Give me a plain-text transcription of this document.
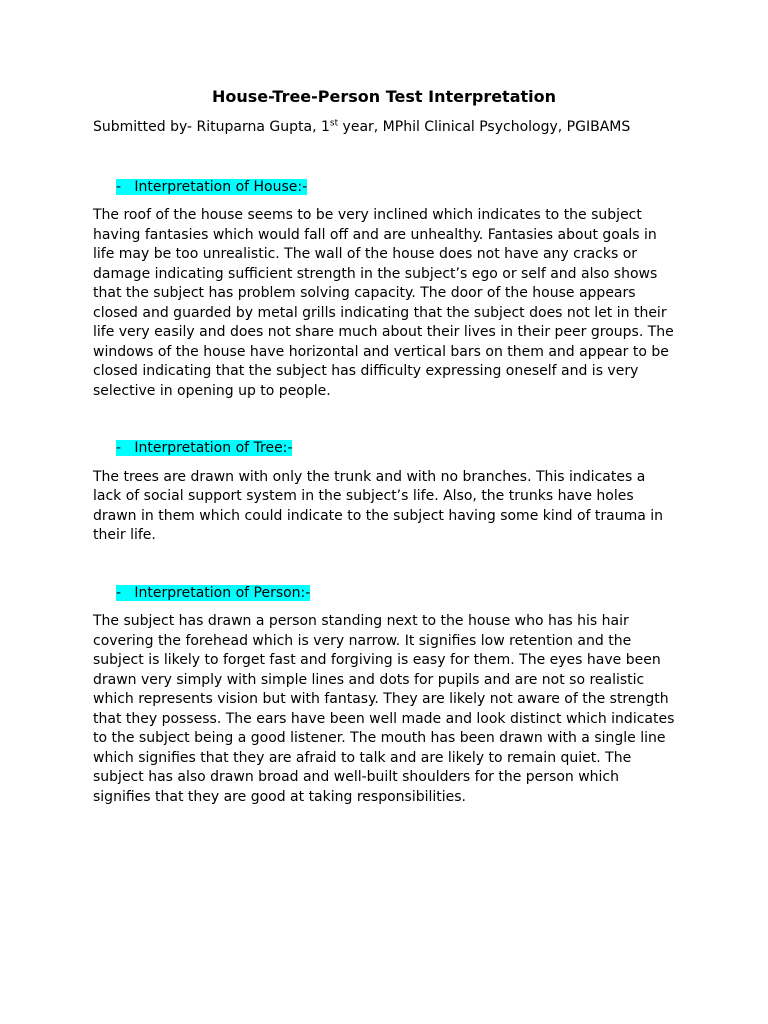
House-Tree-Person Test Interpretation

Submitted by- Rituparna Gupta, 1st year, MPhil Clinical Psychology, PGIBAMS

- Interpretation of House:-

The roof of the house seems to be very inclined which indicates to the subject having fantasies which would fall off and are unhealthy. Fantasies about goals in life may be too unrealistic. The wall of the house does not have any cracks or damage indicating sufficient strength in the subject’s ego or self and also shows that the subject has problem solving capacity. The door of the house appears closed and guarded by metal grills indicating that the subject does not let in their life very easily and does not share much about their lives in their peer groups. The windows of the house have horizontal and vertical bars on them and appear to be closed indicating that the subject has difficulty expressing oneself and is very selective in opening up to people.

- Interpretation of Tree:-

The trees are drawn with only the trunk and with no branches. This indicates a lack of social support system in the subject’s life. Also, the trunks have holes drawn in them which could indicate to the subject having some kind of trauma in their life.

- Interpretation of Person:-

The subject has drawn a person standing next to the house who has his hair covering the forehead which is very narrow. It signifies low retention and the subject is likely to forget fast and forgiving is easy for them. The eyes have been drawn very simply with simple lines and dots for pupils and are not so realistic which represents vision but with fantasy. They are likely not aware of the strength that they possess. The ears have been well made and look distinct which indicates to the subject being a good listener. The mouth has been drawn with a single line which signifies that they are afraid to talk and are likely to remain quiet. The subject has also drawn broad and well-built shoulders for the person which signifies that they are good at taking responsibilities.
